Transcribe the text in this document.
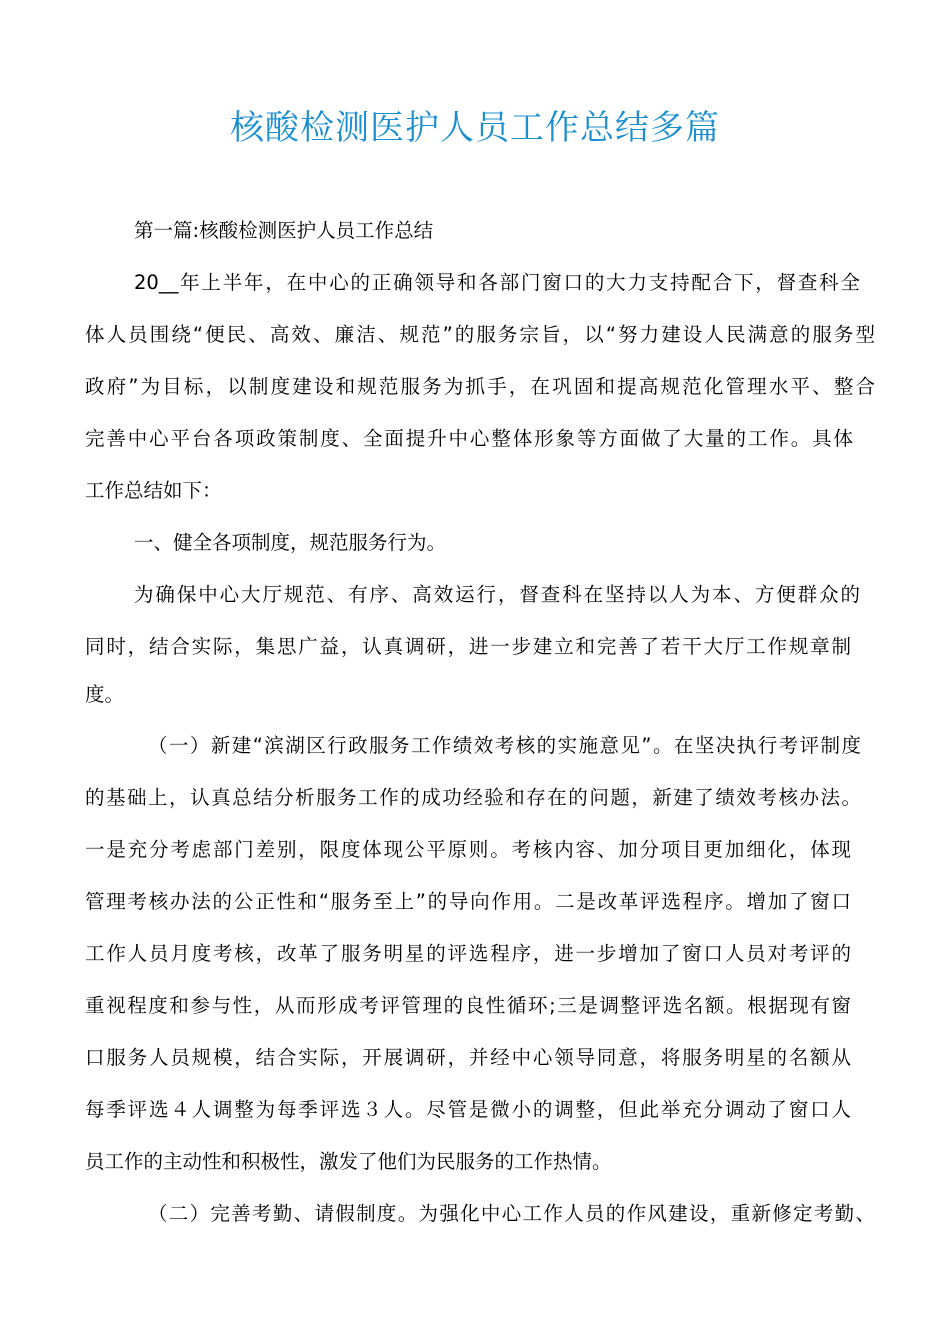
核酸检测医护人员工作总结多篇
第一篇:核酸检测医护人员工作总结
20__年上半年，在中心的正确领导和各部门窗口的大力支持配合下，督查科全
体人员围绕“便民、高效、廉洁、规范”的服务宗旨，以“努力建设人民满意的服务型
政府”为目标，以制度建设和规范服务为抓手，在巩固和提高规范化管理水平、整合
完善中心平台各项政策制度、全面提升中心整体形象等方面做了大量的工作。具体
工作总结如下：
一、健全各项制度，规范服务行为。
为确保中心大厅规范、有序、高效运行，督查科在坚持以人为本、方便群众的
同时，结合实际，集思广益，认真调研，进一步建立和完善了若干大厅工作规章制
度。
（一）新建“滨湖区行政服务工作绩效考核的实施意见”。在坚决执行考评制度
的基础上，认真总结分析服务工作的成功经验和存在的问题，新建了绩效考核办法。
一是充分考虑部门差别，限度体现公平原则。考核内容、加分项目更加细化，体现
管理考核办法的公正性和“服务至上”的导向作用。二是改革评选程序。增加了窗口
工作人员月度考核，改革了服务明星的评选程序，进一步增加了窗口人员对考评的
重视程度和参与性，从而形成考评管理的良性循环;三是调整评选名额。根据现有窗
口服务人员规模，结合实际，开展调研，并经中心领导同意，将服务明星的名额从
每季评选４人调整为每季评选３人。尽管是微小的调整，但此举充分调动了窗口人
员工作的主动性和积极性，激发了他们为民服务的工作热情。
（二）完善考勤、请假制度。为强化中心工作人员的作风建设，重新修定考勤、
